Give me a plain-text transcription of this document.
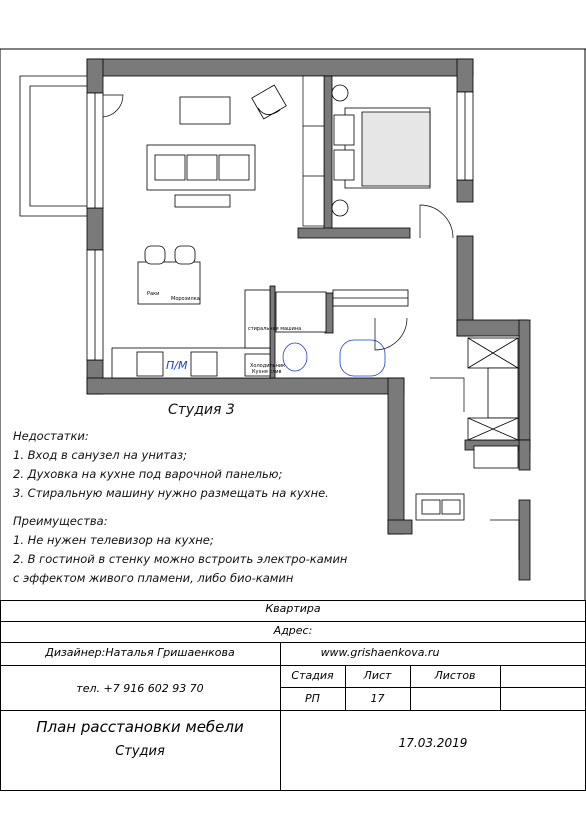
Раки
Морозилка
П/М	Холодильник
стиральная машина
Кухня слив
Студия 3
Недостатки:
1. Вход в санузел на унитаз;
2. Духовка на кухне под варочной панелью;
3. Стиральную машину нужно размещать на кухне.
Преимущества:
1. Не нужен телевизор на кухне;
2. В гостиной в стенку можно встроить электро-камин
с эффектом живого пламени, либо био-камин
Квартира
Адрес:
Дизайнер:Наталья Гришаенкова	www.grishaenkova.ru
тел. +7 916 602 93 70
Стадия	Лист	Листов
РП	17
План расстановки мебели
Студия
17.03.2019
